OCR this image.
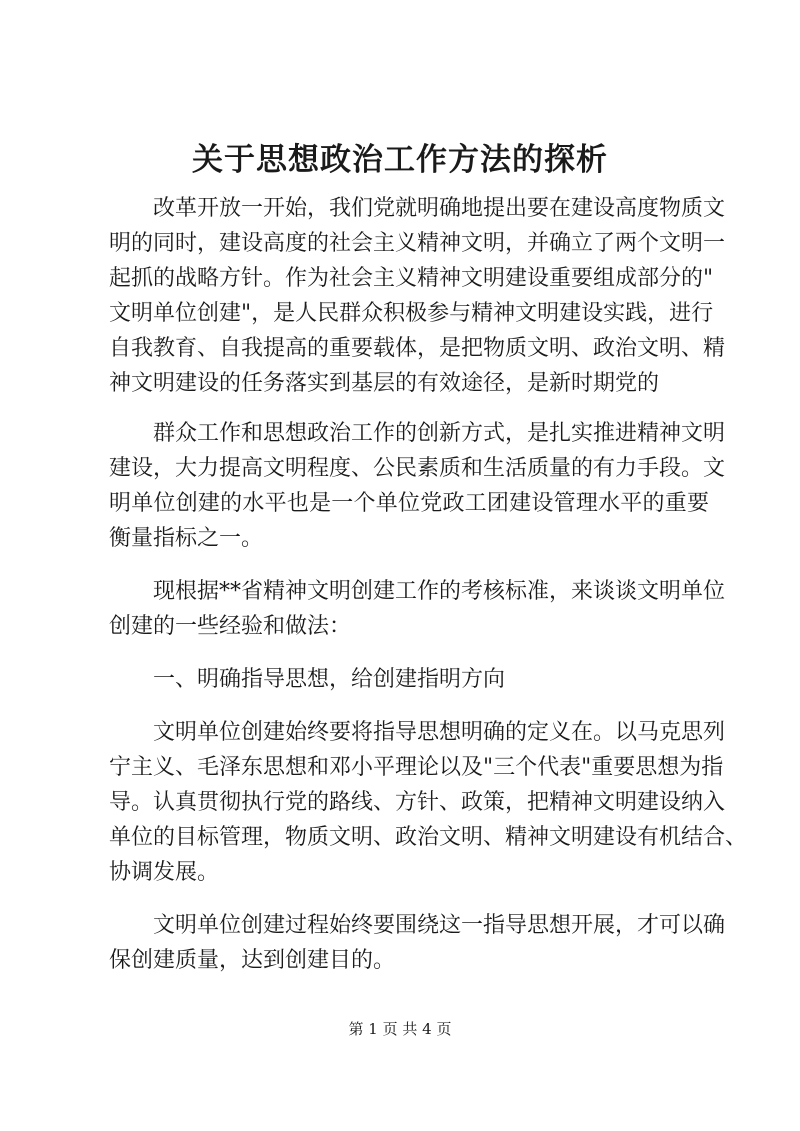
关于思想政治工作方法的探析

改革开放一开始，我们党就明确地提出要在建设高度物质文

明的同时，建设高度的社会主义精神文明，并确立了两个文明一

起抓的战略方针。作为社会主义精神文明建设重要组成部分的"

文明单位创建"，是人民群众积极参与精神文明建设实践，进行

自我教育、自我提高的重要载体，是把物质文明、政治文明、精

神文明建设的任务落实到基层的有效途径，是新时期党的

群众工作和思想政治工作的创新方式，是扎实推进精神文明

建设，大力提高文明程度、公民素质和生活质量的有力手段。文

明单位创建的水平也是一个单位党政工团建设管理水平的重要

衡量指标之一。

现根据**省精神文明创建工作的考核标准，来谈谈文明单位

创建的一些经验和做法：

一、明确指导思想，给创建指明方向

文明单位创建始终要将指导思想明确的定义在。以马克思列

宁主义、毛泽东思想和邓小平理论以及"三个代表"重要思想为指

导。认真贯彻执行党的路线、方针、政策，把精神文明建设纳入

单位的目标管理，物质文明、政治文明、精神文明建设有机结合、

协调发展。

文明单位创建过程始终要围绕这一指导思想开展，才可以确

保创建质量，达到创建目的。

第 1 页 共 4 页
